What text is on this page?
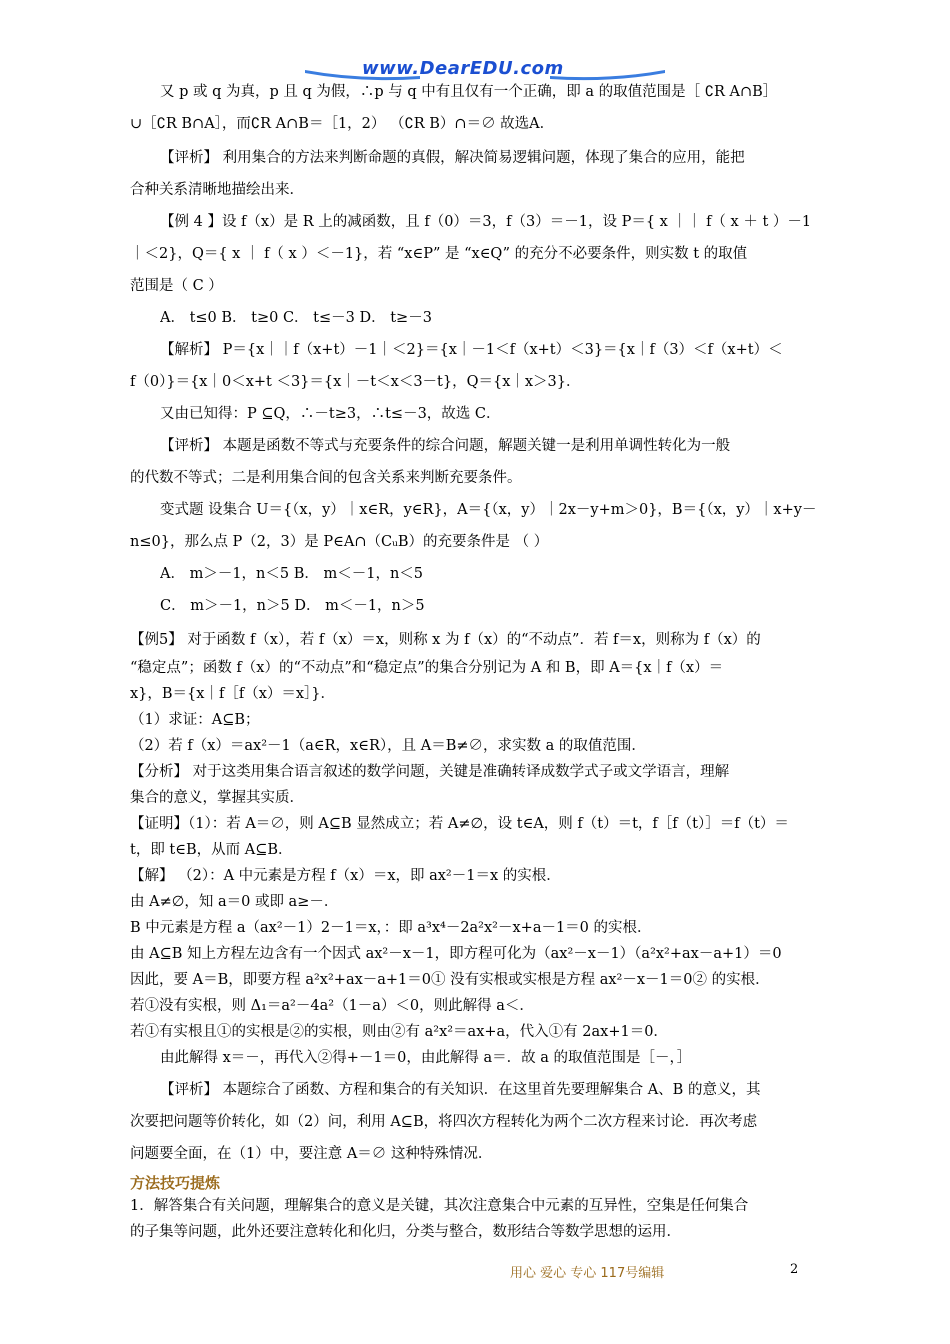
www.DearEDU.com
又 p 或 q 为真，p 且 q 为假，∴p 与 q 中有且仅有一个正确，即 a 的取值范围是［ ∁R A∩B］
∪［∁R B∩A］，而∁R A∩B＝［1，2） （∁R B）∩＝∅ 故选A．
【评析】 利用集合的方法来判断命题的真假，解决简易逻辑问题，体现了集合的应用，能把
合种关系清晰地描绘出来．
【例 4 】设 f（x）是 R 上的减函数，且 f（0）＝3，f（3）＝－1，设 P＝{ x ｜｜ f（ x ＋ t ）－1
｜＜2}，Q＝{ x ｜ f（ x ）＜－1}，若 “x∈P” 是 “x∈Q” 的充分不必要条件，则实数 t 的取值
范围是（ C ）
A． t≤0 B． t≥0 C． t≤－3 D． t≥－3
【解析】 P＝{x｜｜f（x+t）－1｜＜2}＝{x｜－1＜f（x+t）＜3}＝{x｜f（3）＜f（x+t）＜
f（0）}＝{x｜0＜x+t ＜3}＝{x｜－t＜x＜3－t}，Q＝{x｜x＞3}．
又由已知得：P ⊆Q，∴－t≥3，∴t≤－3，故选 C．
【评析】 本题是函数不等式与充要条件的综合问题，解题关键一是利用单调性转化为一般
的代数不等式；二是利用集合间的包含关系来判断充要条件。
变式题 设集合 U＝{（x，y）｜x∈R，y∈R}，A＝{（x，y）｜2x－y+m＞0}，B＝{（x，y）｜x+y－
n≤0}，那么点 P（2，3）是 P∈A∩（CᵤB）的充要条件是 （ ）
A． m＞－1，n＜5 B． m＜－1，n＜5
C． m＞－1，n＞5 D． m＜－1，n＞5
【例5】 对于函数 f（x），若 f（x）＝x，则称 x 为 f（x）的“不动点”．若 f＝x，则称为 f（x）的
“稳定点”；函数 f（x）的“不动点”和“稳定点”的集合分别记为 A 和 B，即 A＝{x｜f（x）＝
x}，B＝{x｜f［f（x）＝x］}．
（1）求证：A⊆B；
（2）若 f（x）＝ax²－1（a∈R，x∈R），且 A＝B≠∅，求实数 a 的取值范围．
【分析】 对于这类用集合语言叙述的数学问题，关键是准确转译成数学式子或文学语言，理解
集合的意义，掌握其实质．
【证明】（1）：若 A＝∅，则 A⊆B 显然成立；若 A≠∅，设 t∈A，则 f（t）＝t，f［f（t）］＝f（t）＝
t，即 t∈B，从而 A⊆B．
【解】 （2）：A 中元素是方程 f（x）＝x，即 ax²－1＝x 的实根．
由 A≠∅，知 a＝0 或即 a≥－．
B 中元素是方程 a（ax²－1）2－1＝x，：即 a³x⁴－2a²x²－x+a－1＝0 的实根．
由 A⊆B 知上方程左边含有一个因式 ax²－x－1，即方程可化为（ax²－x－1）（a²x²+ax－a+1）＝0
因此，要 A＝B，即要方程 a²x²+ax－a+1＝0① 没有实根或实根是方程 ax²－x－1＝0② 的实根．
若①没有实根，则 Δ₁＝a²－4a²（1－a）＜0，则此解得 a＜．
若①有实根且①的实根是②的实根，则由②有 a²x²＝ax+a，代入①有 2ax+1＝0．
由此解得 x＝－，再代入②得+－1＝0，由此解得 a＝．故 a 的取值范围是［－，］
【评析】 本题综合了函数、方程和集合的有关知识．在这里首先要理解集合 A、B 的意义，其
次要把问题等价转化，如（2）问，利用 A⊆B，将四次方程转化为两个二次方程来讨论．再次考虑
问题要全面，在（1）中，要注意 A＝∅ 这种特殊情况．
方法技巧提炼
1．解答集合有关问题，理解集合的意义是关键，其次注意集合中元素的互异性，空集是任何集合
的子集等问题，此外还要注意转化和化归，分类与整合，数形结合等数学思想的运用．
用心 爱心 专心 117号编辑	2
